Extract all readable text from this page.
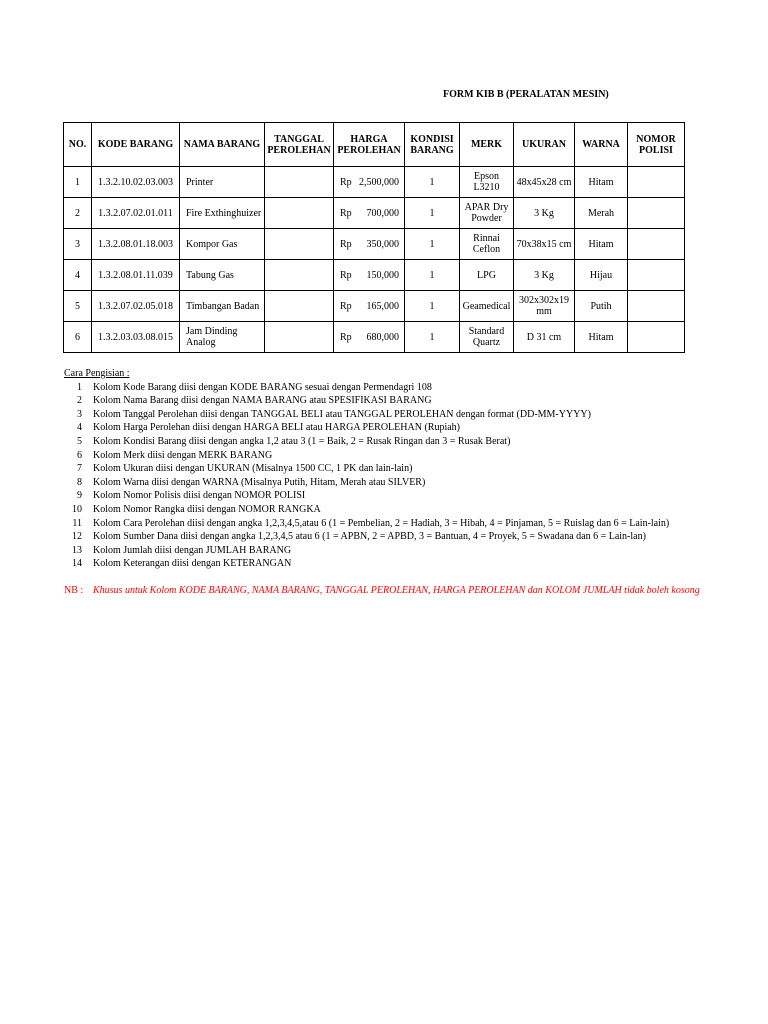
FORM KIB B (PERALATAN MESIN)
NO.	KODE BARANG	NAMA BARANG	TANGGAL PEROLEHAN	HARGA PEROLEHAN	KONDISI BARANG	MERK	UKURAN	WARNA	NOMOR POLISI
1	1.3.2.10.02.03.003	Printer		Rp 2,500,000	1	Epson L3210	48x45x28 cm	Hitam	
2	1.3.2.07.02.01.011	Fire Exthinghuizer		Rp 700,000	1	APAR Dry Powder	3 Kg	Merah	
3	1.3.2.08.01.18.003	Kompor Gas		Rp 350,000	1	Rinnai Ceflon	70x38x15 cm	Hitam	
4	1.3.2.08.01.11.039	Tabung Gas		Rp 150,000	1	LPG	3 Kg	Hijau	
5	1.3.2.07.02.05.018	Timbangan Badan		Rp 165,000	1	Geamedical	302x302x19 mm	Putih	
6	1.3.2.03.03.08.015	Jam Dinding Analog		Rp 680,000	1	Standard Quartz	D 31 cm	Hitam	
Cara Pengisian :
1 Kolom Kode Barang diisi dengan KODE BARANG sesuai dengan Permendagri 108
2 Kolom Nama Barang diisi dengan NAMA BARANG atau SPESIFIKASI BARANG
3 Kolom Tanggal Perolehan diisi dengan TANGGAL BELI atau TANGGAL PEROLEHAN dengan format (DD-MM-YYYY)
4 Kolom Harga Perolehan diisi dengan HARGA BELI atau HARGA PEROLEHAN (Rupiah)
5 Kolom Kondisi Barang diisi dengan angka 1,2 atau 3 (1 = Baik, 2 = Rusak Ringan dan 3 = Rusak Berat)
6 Kolom Merk diisi dengan MERK BARANG
7 Kolom Ukuran diisi dengan UKURAN (Misalnya 1500 CC, 1 PK dan lain-lain)
8 Kolom Warna diisi dengan WARNA (Misalnya Putih, Hitam, Merah atau SILVER)
9 Kolom Nomor Polisis diisi dengan NOMOR POLISI
10 Kolom Nomor Rangka diisi dengan NOMOR RANGKA
11 Kolom Cara Perolehan diisi dengan angka 1,2,3,4,5,atau 6 (1 = Pembelian, 2 = Hadiah, 3 = Hibah, 4 = Pinjaman, 5 = Ruislag dan 6 = Lain-lain)
12 Kolom Sumber Dana diisi dengan angka 1,2,3,4,5 atau 6 (1 = APBN, 2 = APBD, 3 = Bantuan, 4 = Proyek, 5 = Swadana dan 6 = Lain-lan)
13 Kolom Jumlah diisi dengan JUMLAH BARANG
14 Kolom Keterangan diisi dengan KETERANGAN
NB : Khusus untuk Kolom KODE BARANG, NAMA BARANG, TANGGAL PEROLEHAN, HARGA PEROLEHAN dan KOLOM JUMLAH tidak boleh kosong
